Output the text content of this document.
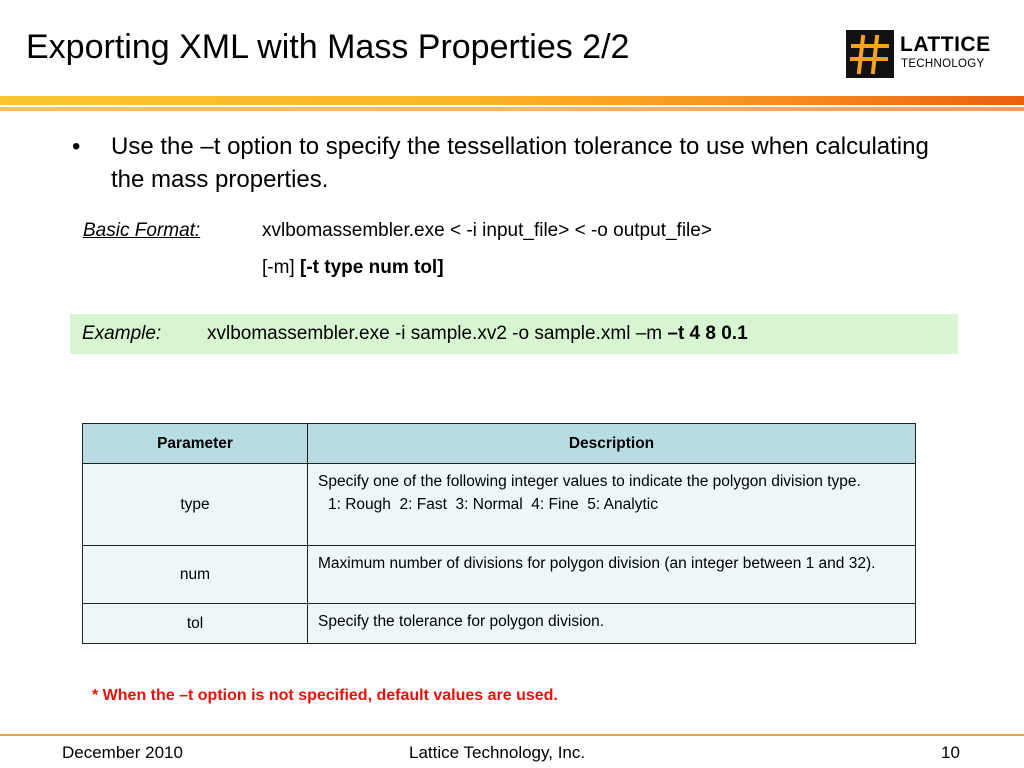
Exporting XML with Mass Properties 2/2	LATTICE
TECHNOLOGY
• Use the –t option to specify the tessellation tolerance to use when calculating the mass properties.
Basic Format:	xvlbomassembler.exe < -i input_file> < -o output_file>
[-m] [-t type num tol]
Example: xvlbomassembler.exe -i sample.xv2 -o sample.xml –m –t 4 8 0.1
Parameter	Description
type	Specify one of the following integer values to indicate the polygon division type.
1: Rough  2: Fast  3: Normal  4: Fine  5: Analytic

num	Maximum number of divisions for polygon division (an integer between 1 and 32).
tol	Specify the tolerance for polygon division.
* When the –t option is not specified, default values are used.
December 2010	Lattice Technology, Inc.	10
